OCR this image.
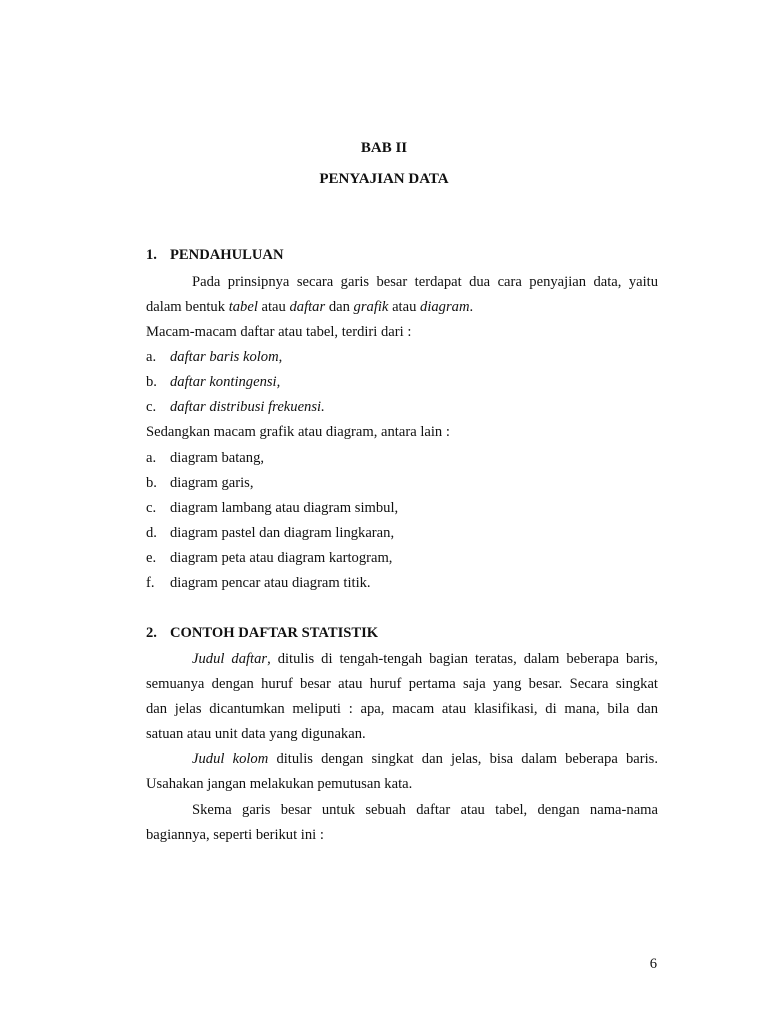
BAB II
PENYAJIAN DATA
1. PENDAHULUAN
Pada prinsipnya secara garis besar terdapat dua cara penyajian data, yaitu
dalam bentuk tabel atau daftar dan grafik atau diagram.
Macam-macam daftar atau tabel, terdiri dari :
a. daftar baris kolom,
b. daftar kontingensi,
c. daftar distribusi frekuensi.
Sedangkan macam grafik atau diagram, antara lain :
a. diagram batang,
b. diagram garis,
c. diagram lambang atau diagram simbul,
d. diagram pastel dan diagram lingkaran,
e. diagram peta atau diagram kartogram,
f. diagram pencar atau diagram titik.
2. CONTOH DAFTAR STATISTIK
Judul daftar, ditulis di tengah-tengah bagian teratas, dalam beberapa baris,
semuanya dengan huruf besar atau huruf pertama saja yang besar. Secara singkat
dan jelas dicantumkan meliputi : apa, macam atau klasifikasi, di mana, bila dan
satuan atau unit data yang digunakan.
Judul kolom ditulis dengan singkat dan jelas, bisa dalam beberapa baris.
Usahakan jangan melakukan pemutusan kata.
Skema garis besar untuk sebuah daftar atau tabel, dengan nama-nama
bagiannya, seperti berikut ini :
6
